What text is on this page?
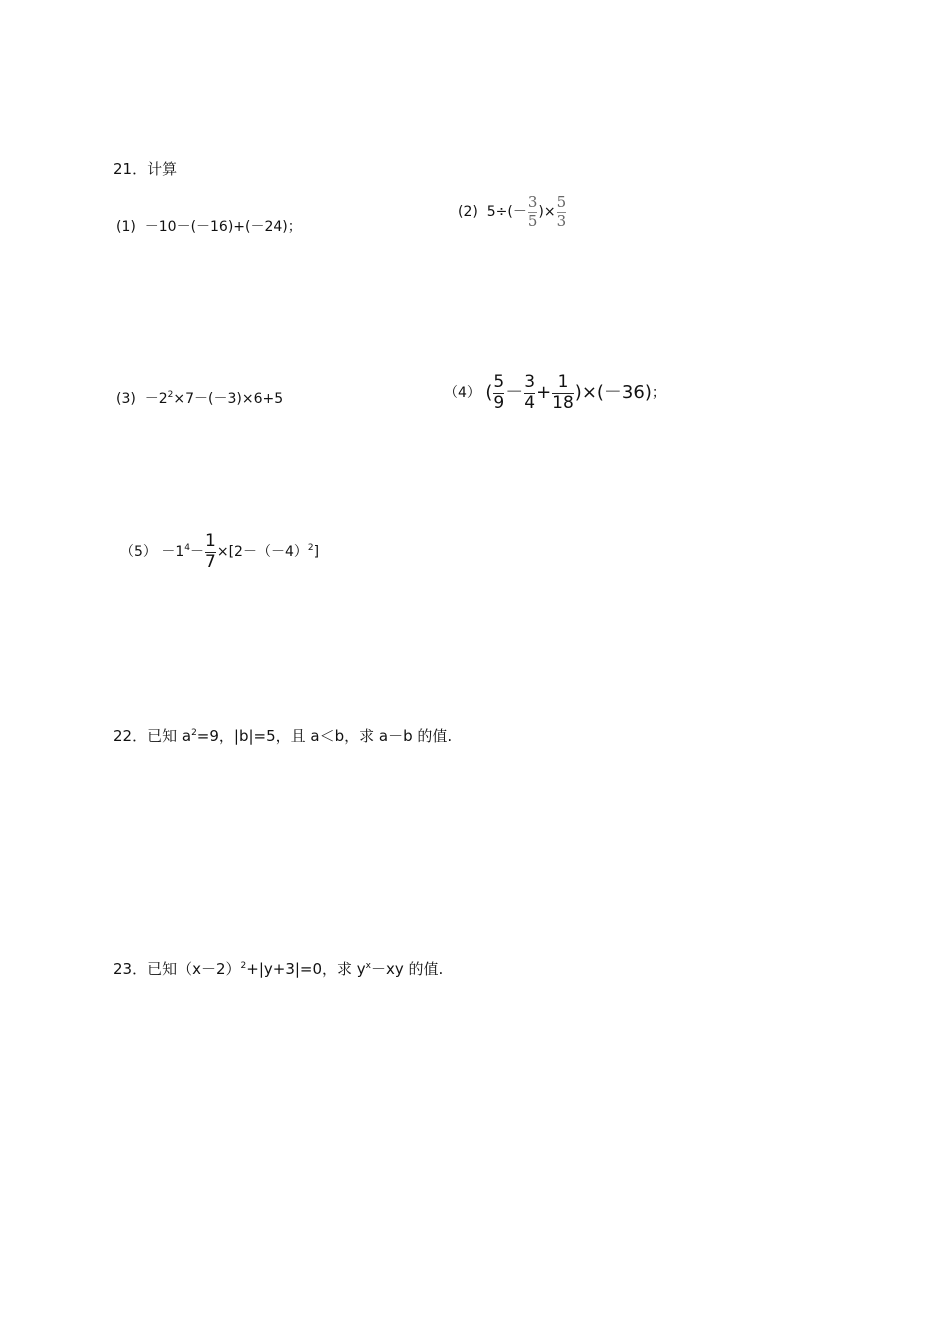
21．计算
(1) －10－(－16)+(－24)；
(2) $5\div(- \frac{3}{5}$ )× $\frac{5}{3}$
$(3) -2^2\times 7-(-3)\times 6+5$	（4） ( $\frac{5}{9} - \frac{3}{4} + \frac{1}{18} )\times(-36)$；
$(5) -1^4- \frac{1}{7} \times[2-(-4)^2]$
22．已知 $a^2=9$，|b|=5，且 a＜b，求 a－b 的值.
23．已知$(x-2)^2+|y+3|=0$，求 $y^x-xy$ 的值.
